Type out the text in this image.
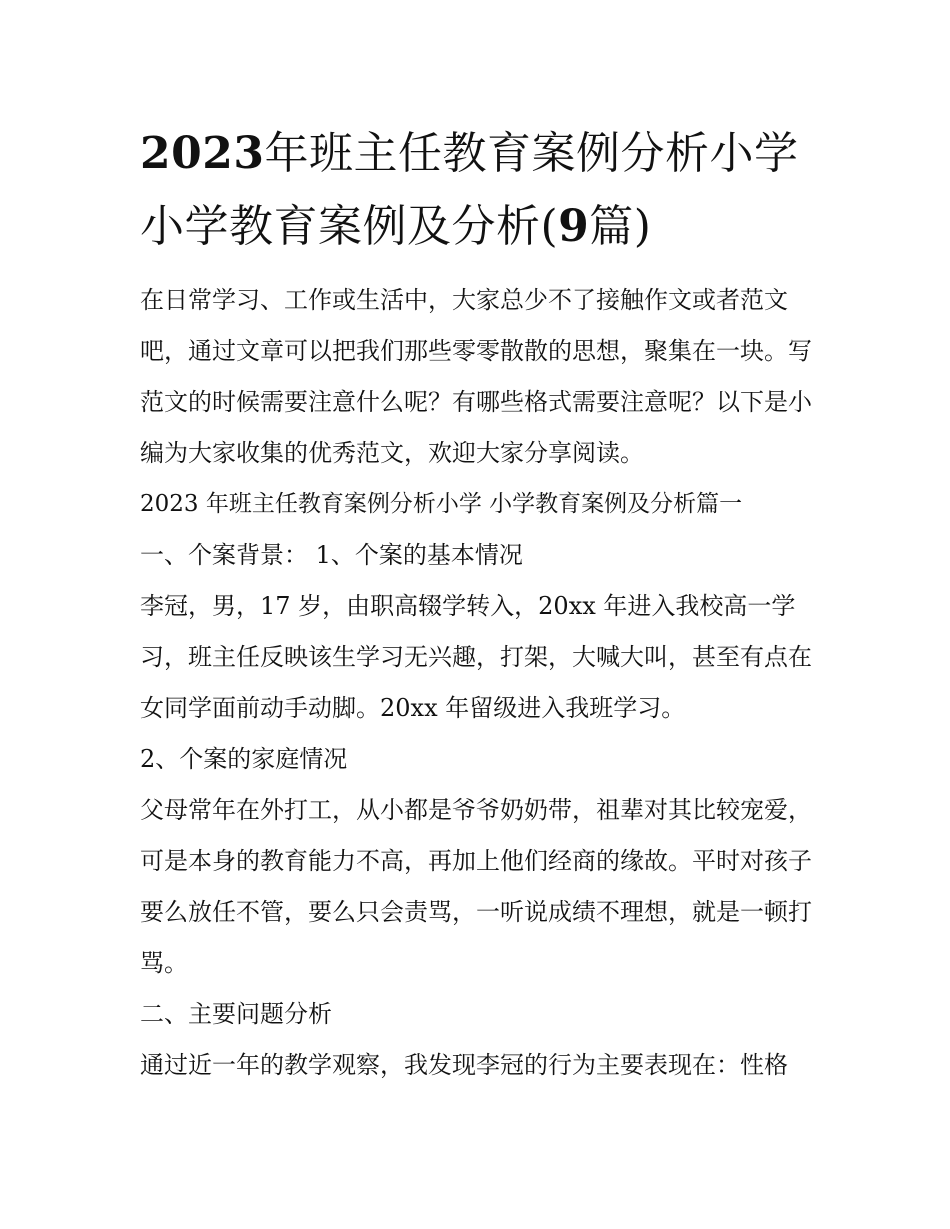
2023年班主任教育案例分析小学 小学教育案例及分析(9篇)

在日常学习、工作或生活中，大家总少不了接触作文或者范文吧，通过文章可以把我们那些零零散散的思想，聚集在一块。写范文的时候需要注意什么呢？有哪些格式需要注意呢？以下是小编为大家收集的优秀范文，欢迎大家分享阅读。

2023 年班主任教育案例分析小学 小学教育案例及分析篇一

一、个案背景： 1、个案的基本情况

李冠，男，17 岁，由职高辍学转入，20xx 年进入我校高一学习，班主任反映该生学习无兴趣，打架，大喊大叫，甚至有点在女同学面前动手动脚。20xx 年留级进入我班学习。

2、个案的家庭情况

父母常年在外打工，从小都是爷爷奶奶带，祖辈对其比较宠爱，可是本身的教育能力不高，再加上他们经商的缘故。平时对孩子要么放任不管，要么只会责骂，一听说成绩不理想，就是一顿打骂。

二、主要问题分析

通过近一年的教学观察，我发现李冠的行为主要表现在：性格
